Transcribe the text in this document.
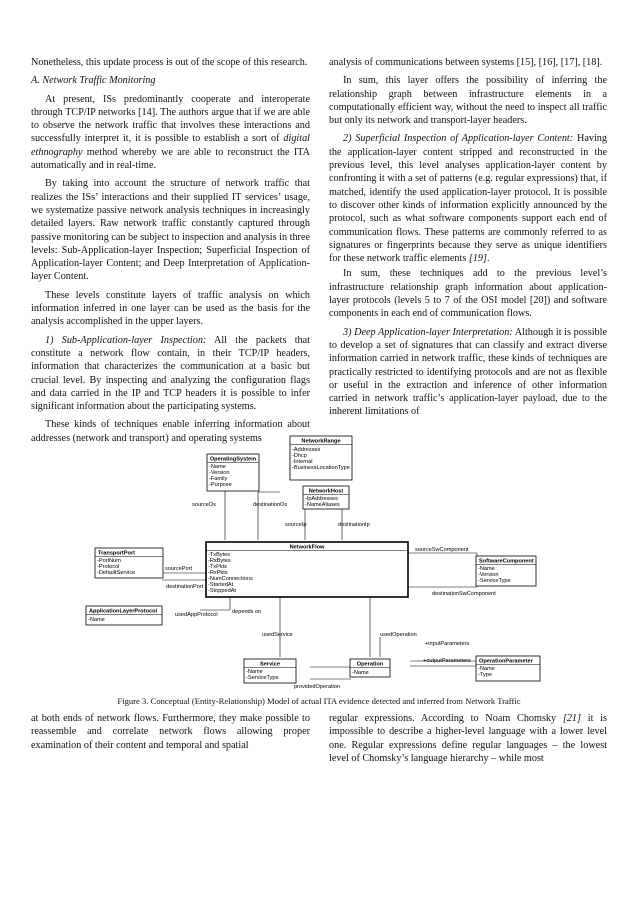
Nonetheless, this update process is out of the scope of this research.

A. Network Traffic Monitoring

At present, ISs predominantly cooperate and interoperate through TCP/IP networks [14]. The authors argue that if we are able to observe the network traffic that involves these interactions and successfully interpret it, it is possible to establish a sort of digital ethnography method whereby we are able to reconstruct the ITA automatically and in real-time.

By taking into account the structure of network traffic that realizes the ISs’ interactions and their supplied IT services’ usage, we systematize passive network analysis techniques in increasingly detailed layers. Raw network traffic constantly captured through passive monitoring can be subject to inspection and analysis in three levels: Sub-Application-layer Inspection; Superficial Inspection of Application-layer Content; and Deep Interpretation of Application-layer Content.

These levels constitute layers of traffic analysis on which information inferred in one layer can be used as the basis for the analysis accomplished in the upper layers.

1) Sub-Application-layer Inspection: All the packets that constitute a network flow contain, in their TCP/IP headers, information that characterizes the communication at a basic but crucial level. By inspecting and analyzing the configuration flags and data carried in the IP and TCP headers it is possible to infer significant information about the participating systems.

These kinds of techniques enable inferring information about addresses (network and transport) and operating systems

analysis of communications between systems [15], [16], [17], [18].

In sum, this layer offers the possibility of inferring the relationship graph between infrastructure elements in a computationally efficient way, without the need to inspect all traffic but only its network and transport-layer headers.

2) Superficial Inspection of Application-layer Content: Having the application-layer content stripped and reconstructed in the previous level, this level analyses application-layer content by confronting it with a set of patterns (e.g. regular expressions) that, if matched, identify the used application-layer protocol. It is possible to discover other kinds of information explicitly announced by the protocol, such as what software components support each end of communication flows. These patterns are commonly referred to as signatures or fingerprints because they serve as unique identifiers for these network traffic elements [19].

In sum, these techniques add to the previous level’s infrastructure relationship graph information about application-layer protocols (levels 5 to 7 of the OSI model [20]) and software components in each end of communication flows.

3) Deep Application-layer Interpretation: Although it is possible to develop a set of signatures that can classify and extract diverse information carried in network traffic, these kinds of techniques are practically restricted to identifying protocols and are not as flexible or useful in the extraction and inference of other information carried in network traffic’s application-layer payload, due to the inherent limitations of

NetworkRange
-Addresses
-Dhcp
-Internal
-BusinessLocationType
OperatingSystem
-Name
-Version
-Family
-Purpose
NetworkHost
-IpAddresses
-NameAliases
TransportPort
-PortNum
-Protocol
-DefaultService
NetworkFlow
-TxBytes
-RxBytes
-TxPkts
-RxPkts
-NumConnections
-StartedAt
-StoppedAt
SoftwareComponent
-Name
-Version
-ServiceType
ApplicationLayerProtocol
-Name
Service
-Name
-ServiceType
Operation
-Name
OperationParameter
-Name
-Type
sourceOs	destinationOs
sourceIp	destinationIp
sourcePort
destinationPort
sourceSwComponent
destinationSwComponent
usedAppProtocol	depends on
usedService	usedOperation
+inputParameters
+outputParameters
providedOperation
Figure 3. Conceptual (Entity-Relationship) Model of actual ITA evidence detected and inferred from Network Traffic

at both ends of network flows. Furthermore, they make possible to reassemble and correlate network flows allowing proper examination of their content and temporal and spatial

regular expressions. According to Noam Chomsky [21] it is impossible to describe a higher-level language with a lower level one. Regular expressions define regular languages – the lowest level of Chomsky’s language hierarchy – while most
